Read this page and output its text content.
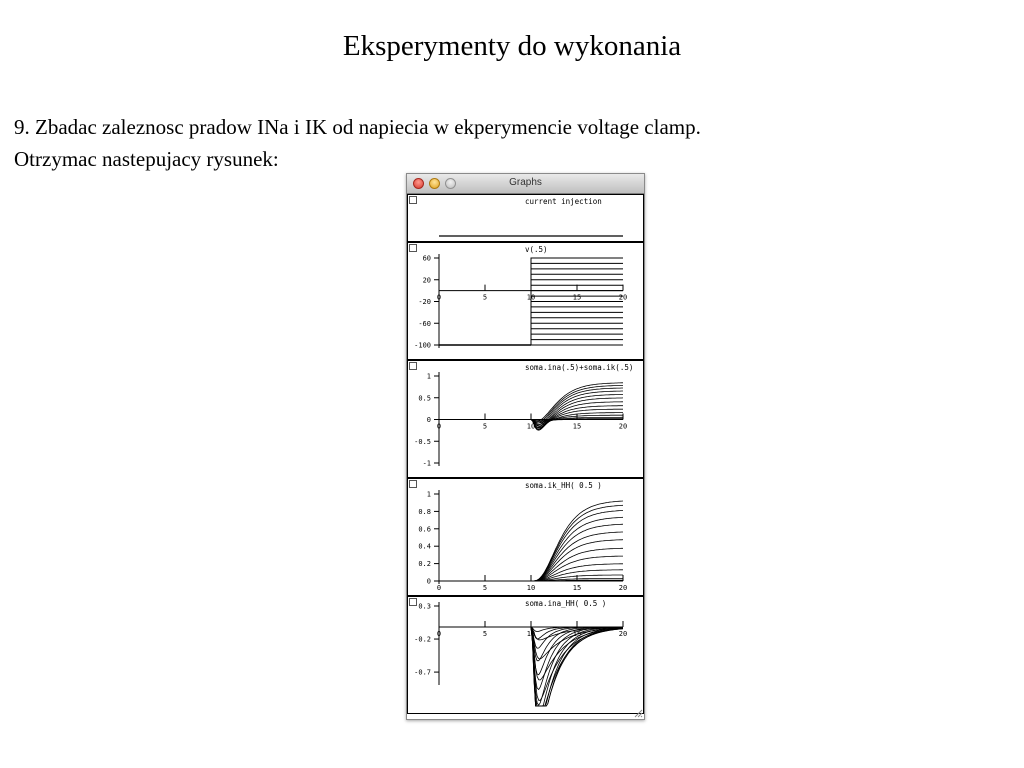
Eksperymenty do wykonania
9. Zbadac zaleznosc pradow INa i IK od napiecia w ekperymencie voltage clamp.
Otrzymac nastepujacy rysunek:
Graphs
current injection
v(.5)
60
20
-20
-60
-100
0	5	10	15	20
soma.ina(.5)+soma.ik(.5)
1
0.5
0
-0.5
-1
0	5	10	15	20
soma.ik_HH( 0.5 )
1
0.8
0.6
0.4
0.2
0
0	5	10	15	20
soma.ina_HH( 0.5 )
0.3
-0.2
-0.7
0	5	10	15	20
